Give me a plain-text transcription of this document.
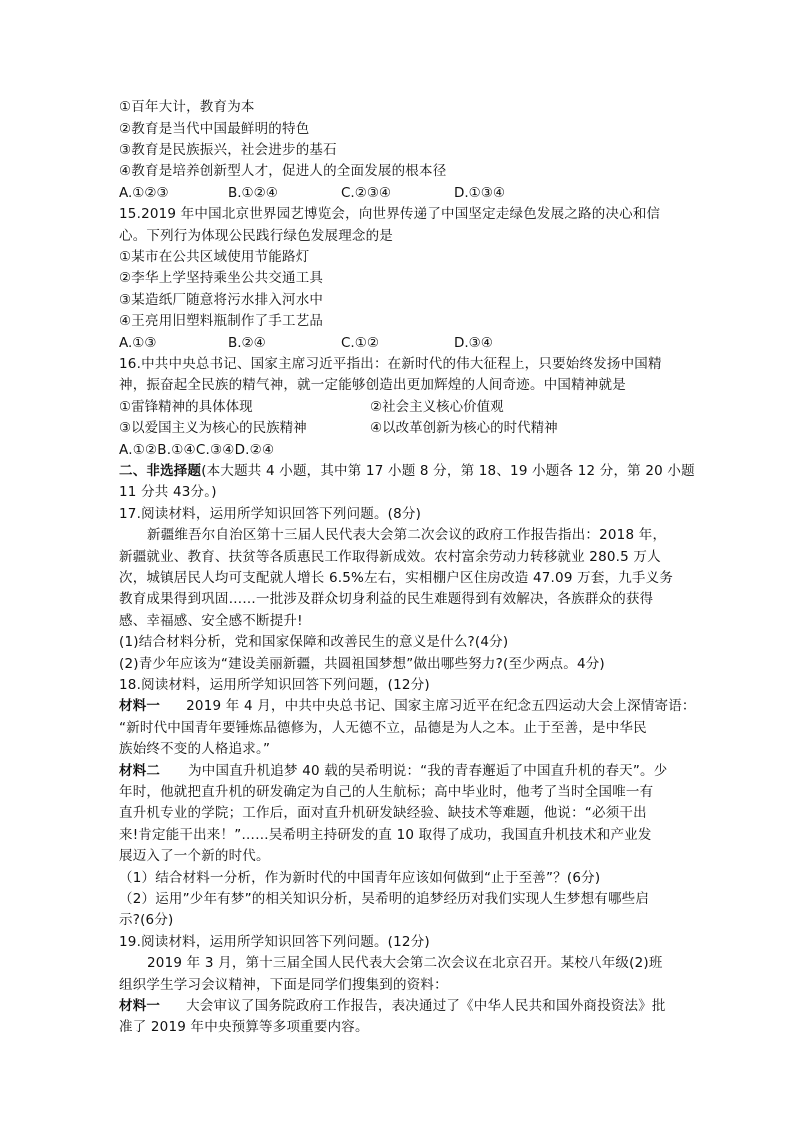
①百年大计，教育为本
②教育是当代中国最鲜明的特色
③教育是民族振兴，社会进步的基石
④教育是培养创新型人才，促进人的全面发展的根本径
A.①②③	B.①②④	C.②③④	D.①③④
15.2019 年中国北京世界园艺博览会，向世界传递了中国坚定走绿色发展之路的决心和信
心。下列行为体现公民践行绿色发展理念的是
①某市在公共区域使用节能路灯
②李华上学坚持乘坐公共交通工具
③某造纸厂随意将污水排入河水中
④王亮用旧塑料瓶制作了手工艺品
A.①③	B.②④	C.①②	D.③④
16.中共中央总书记、国家主席习近平指出：在新时代的伟大征程上，只要始终发扬中国精
神，振奋起全民族的精气神，就一定能够创造出更加辉煌的人间奇迹。中国精神就是
①雷锋精神的具体体现	②社会主义核心价值观
③以爱国主义为核心的民族精神	④以改革创新为核心的时代精神
A.①②B.①④C.③④D.②④
二、非选择题(本大题共 4 小题，其中第 17 小题 8 分，第 18、19 小题各 12 分，第 20 小题
11 分共 43分。)
17.阅读材料，运用所学知识回答下列问题。(8分)
新疆维吾尔自治区第十三届人民代表大会第二次会议的政府工作报告指出：2018 年，
新疆就业、教育、扶贫等各质惠民工作取得新成效。农村富余劳动力转移就业 280.5 万人
次，城镇居民人均可支配就人增长 6.5%左右，实相棚户区住房改造 47.09 万套，九手义务
教育成果得到巩固……一批涉及群众切身利益的民生难题得到有效解决，各族群众的获得
感、幸福感、安全感不断提升!
(1)结合材料分析，党和国家保障和改善民生的意义是什么?(4分)
(2)青少年应该为“建设美丽新疆，共圆祖国梦想”做出哪些努力?(至少两点。4分)
18.阅读材料，运用所学知识回答下列问题，(12分)
材料一 2019 年 4 月，中共中央总书记、国家主席习近平在纪念五四运动大会上深情寄语：
“新时代中国青年要锤炼品德修为，人无德不立，品德是为人之本。止于至善，是中华民
族始终不变的人格追求。”
材料二 为中国直升机追梦 40 载的吴希明说：“我的青春邂逅了中国直升机的春天”。少
年时，他就把直升机的研发确定为自己的人生航标；高中毕业时，他考了当时全国唯一有
直升机专业的学院；工作后，面对直升机研发缺经验、缺技术等难题，他说：“必须干出
来!肯定能干出来！”……吴希明主持研发的直 10 取得了成功，我国直升机技术和产业发
展迈入了一个新的时代。
（1）结合材料一分析，作为新时代的中国青年应该如何做到“止于至善”？(6分)
（2）运用”少年有梦”的相关知识分析，吴希明的追梦经历对我们实现人生梦想有哪些启
示?(6分)
19.阅读材料，运用所学知识回答下列问题。(12分)
2019 年 3 月，第十三届全国人民代表大会第二次会议在北京召开。某校八年级(2)班
组织学生学习会议精神，下面是同学们搜集到的资料：
材料一 大会审议了国务院政府工作报告，表决通过了《中华人民共和国外商投资法》批
准了 2019 年中央预算等多项重要内容。
